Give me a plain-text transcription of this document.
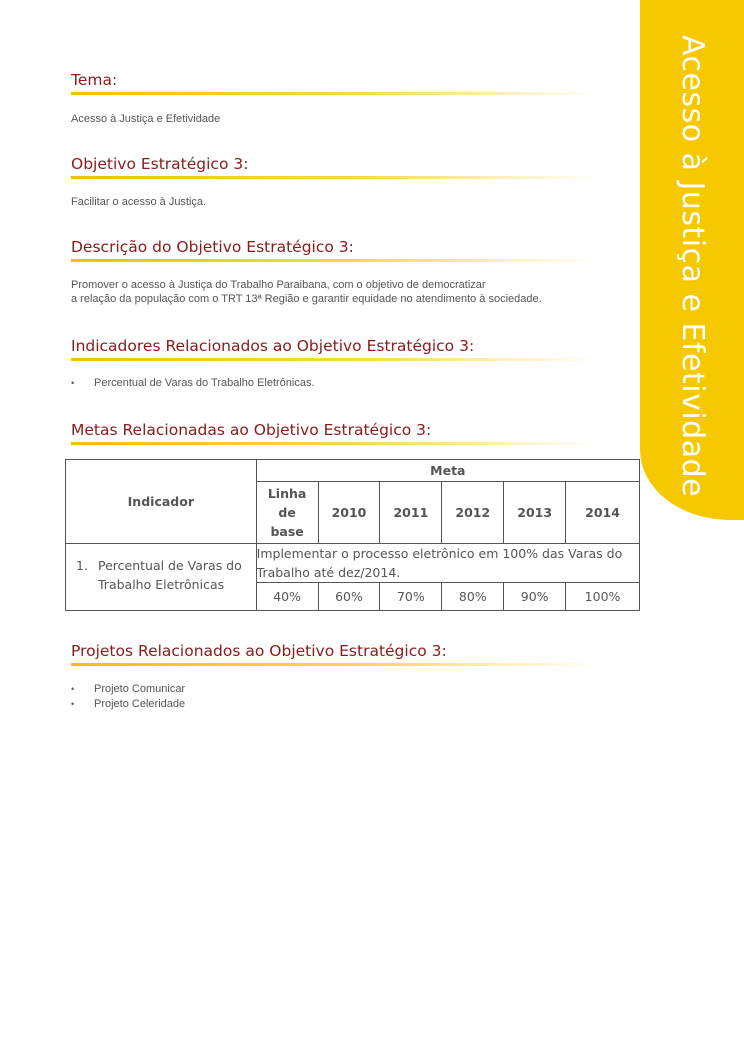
Acesso à Justiça e Efetividade
Tema:

Acesso à Justiça e Efetividade

Objetivo Estratégico 3:

Facilitar o acesso à Justiça.

Descrição do Objetivo Estratégico 3:

Promover o acesso à Justiça do Trabalho Paraibana, com o objetivo de democratizar

a relação da população com o TRT 13ª Região e garantir equidade no atendimento à sociedade.

Indicadores Relacionados ao Objetivo Estratégico 3:
• Percentual de Varas do Trabalho Eletrônicas.
Metas Relacionadas ao Objetivo Estratégico 3:
Indicador	Meta					
	Linha
de
base	2010	2011	2012	2013	2014

1. Percentual de Varas do
Trabalho Eletrônicas	Implementar o processo eletrônico em 100% das Varas do
Trabalho até dez/2014.					
	40%	60%	70%	80%	90%	100%
Projetos Relacionados ao Objetivo Estratégico 3:
• Projeto Comunicar
• Projeto Celeridade
